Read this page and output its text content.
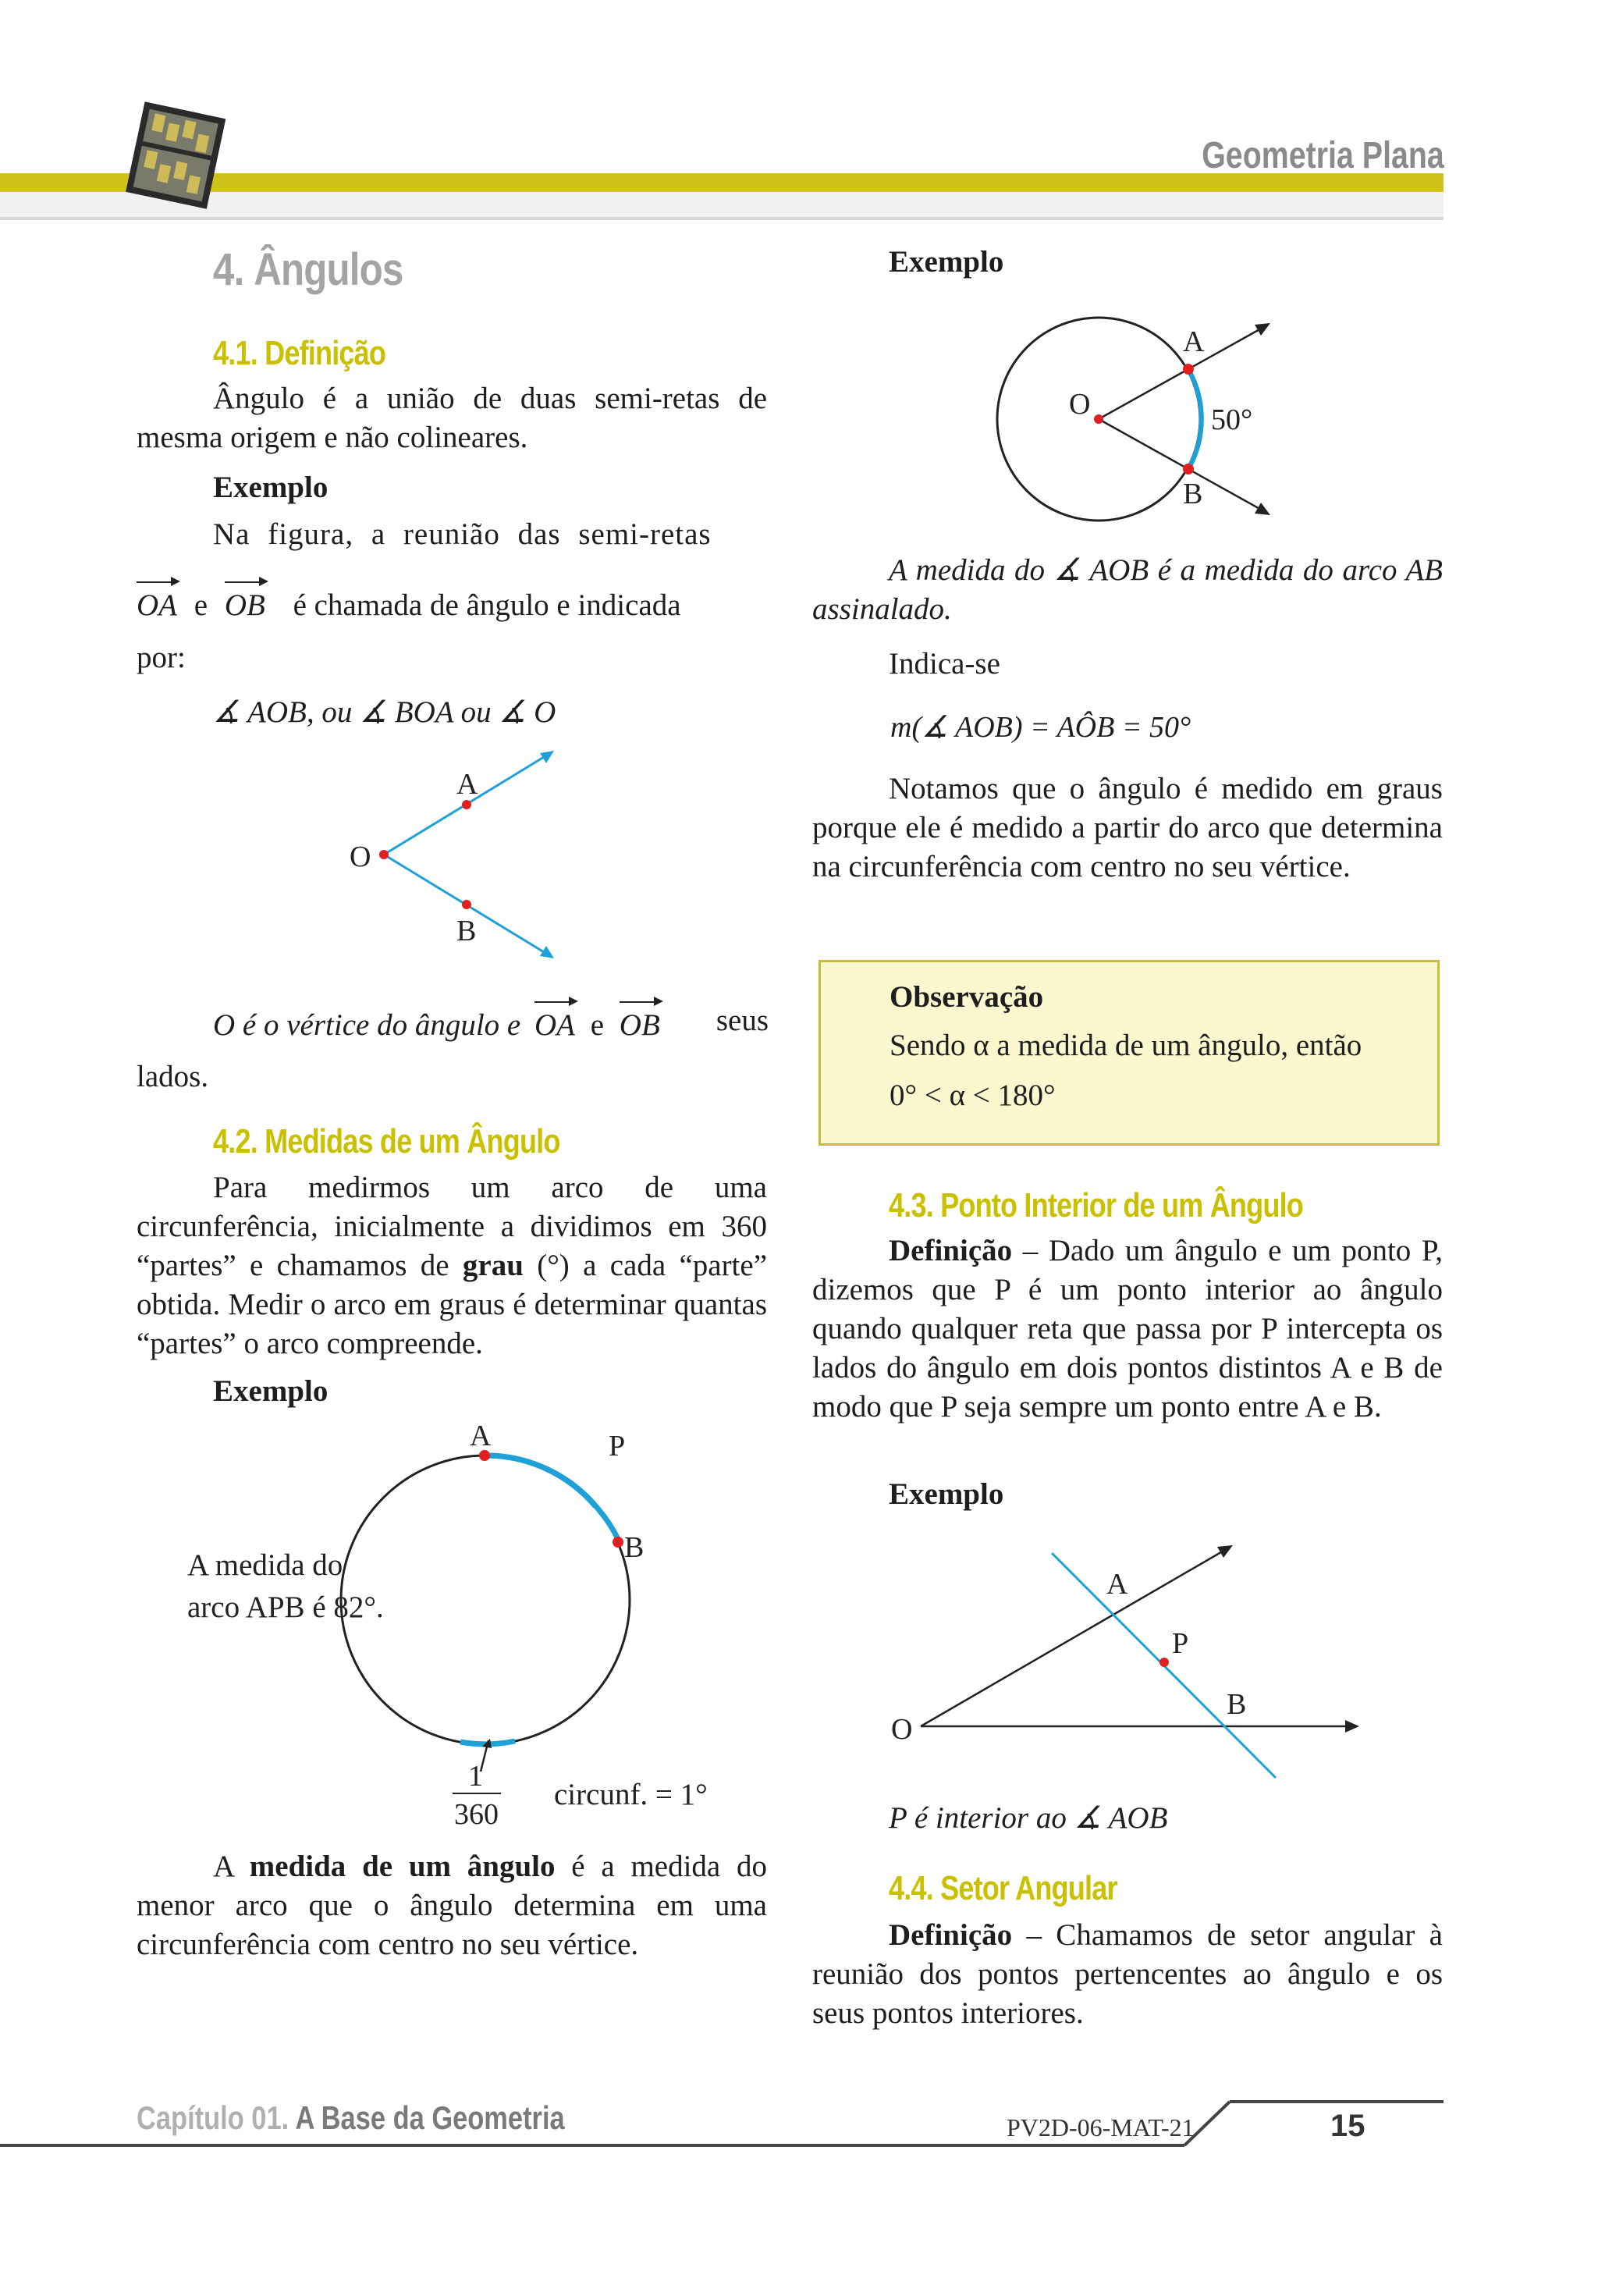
Geometria Plana
4. Ângulos
4.1. Definição
Ângulo é a união de duas semi-retas de mesma origem e não colineares.
Exemplo
Na figura, a reunião das semi-retas
OA e OB é chamada de ângulo e indicada
por:
∡ AOB, ou ∡ BOA ou ∡ O
A
O
B
O é o vértice do ângulo e OA e OB seus
lados.
4.2. Medidas de um Ângulo
Para medirmos um arco de uma circunferência, inicialmente a dividimos em 360 “partes” e chamamos de grau (°) a cada “parte” obtida. Medir o arco em graus é determinar quantas “partes” o arco compreende.
Exemplo
A	P
B
A medida do
arco APB é 82°.
1
360
circunf. = 1°
A medida de um ângulo é a medida do menor arco que o ângulo determina em uma circunferência com centro no seu vértice.
Exemplo
A
O
B
50°
A medida do ∡ AOB é a medida do arco AB assinalado.
Indica-se
m(∡ AOB) = AÔB = 50°
Notamos que o ângulo é medido em graus porque ele é medido a partir do arco que determina na circunferência com centro no seu vértice.
Observação
Sendo α a medida de um ângulo, então
0° < α < 180°
4.3. Ponto Interior de um Ângulo
Definição – Dado um ângulo e um ponto P, dizemos que P é um ponto interior ao ângulo quando qualquer reta que passa por P intercepta os lados do ângulo em dois pontos distintos A e B de modo que P seja sempre um ponto entre A e B.
Exemplo
A
P
B
O
P é interior ao ∡ AOB
4.4. Setor Angular
Definição – Chamamos de setor angular à reunião dos pontos pertencentes ao ângulo e os seus pontos interiores.
Capítulo 01. A Base da Geometria	PV2D-06-MAT-21	15
